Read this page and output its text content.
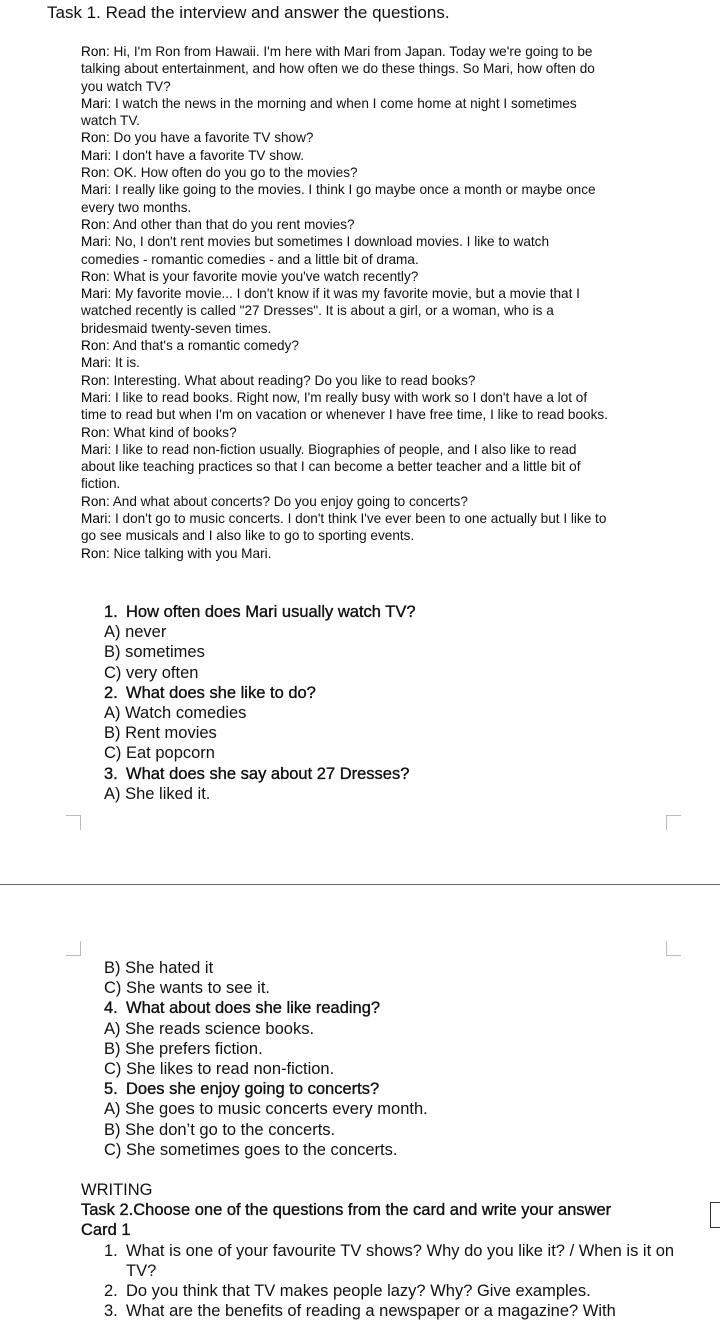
Task 1. Read the interview and answer the questions.
Ron: Hi, I'm Ron from Hawaii. I'm here with Mari from Japan. Today we're going to be
talking about entertainment, and how often we do these things. So Mari, how often do
you watch TV?
Mari: I watch the news in the morning and when I come home at night I sometimes
watch TV.
Ron: Do you have a favorite TV show?
Mari: I don't have a favorite TV show.
Ron: OK. How often do you go to the movies?
Mari: I really like going to the movies. I think I go maybe once a month or maybe once
every two months.
Ron: And other than that do you rent movies?
Mari: No, I don't rent movies but sometimes I download movies. I like to watch
comedies - romantic comedies - and a little bit of drama.
Ron: What is your favorite movie you've watch recently?
Mari: My favorite movie... I don't know if it was my favorite movie, but a movie that I
watched recently is called "27 Dresses". It is about a girl, or a woman, who is a
bridesmaid twenty-seven times.
Ron: And that's a romantic comedy?
Mari: It is.
Ron: Interesting. What about reading? Do you like to read books?
Mari: I like to read books. Right now, I'm really busy with work so I don't have a lot of
time to read but when I'm on vacation or whenever I have free time, I like to read books.
Ron: What kind of books?
Mari: I like to read non-fiction usually. Biographies of people, and I also like to read
about like teaching practices so that I can become a better teacher and a little bit of
fiction.
Ron: And what about concerts? Do you enjoy going to concerts?
Mari: I don't go to music concerts. I don't think I've ever been to one actually but I like to
go see musicals and I also like to go to sporting events.
Ron: Nice talking with you Mari.
1. How often does Mari usually watch TV?
A) never
B) sometimes
C) very often
2. What does she like to do?
A) Watch comedies
B) Rent movies
C) Eat popcorn
3. What does she say about 27 Dresses?
A) She liked it.
B) She hated it
C) She wants to see it.
4. What about does she like reading?
A) She reads science books.
B) She prefers fiction.
C) She likes to read non-fiction.
5. Does she enjoy going to concerts?
A) She goes to music concerts every month.
B) She don’t go to the concerts.
C) She sometimes goes to the concerts.
WRITING
Task 2.Choose one of the questions from the card and write your answer
Card 1
1. What is one of your favourite TV shows? Why do you like it? / When is it on TV?
2. Do you think that TV makes people lazy? Why? Give examples.
3. What are the benefits of reading a newspaper or a magazine? With
